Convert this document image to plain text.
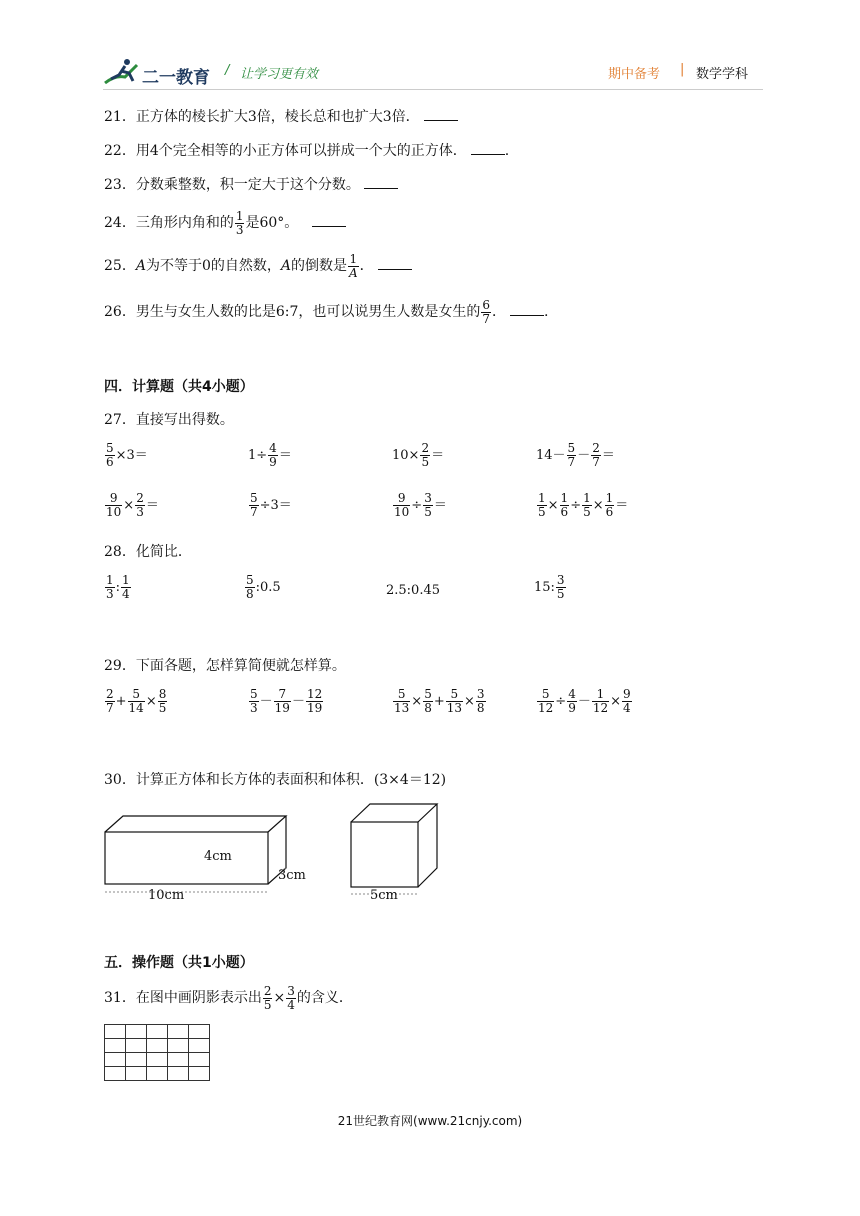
二一教育 / 让学习更有效	期中备考 | 数学学科
21．正方体的棱长扩大3倍，棱长总和也扩大3倍．
22．用4个完全相等的小正方体可以拼成一个大的正方体．	.
23．分数乘整数，积一定大于这个分数。
24．三角形内角和的 $\frac{1}{3}$ 是60°。
25．A为不等于0的自然数，A的倒数是 $\frac{1}{A}$ ．
26．男生与女生人数的比是6:7，也可以说男生人数是女生的 $\frac{6}{7}$ ．	.
四．计算题（共4小题）
27．直接写出得数。
$\frac{5}{6} \times 3=$	$1\div \frac{4}{9}$ ＝	$10\times \frac{2}{5}$ ＝	$14- \frac{5}{7} - \frac{2}{7}$ ＝
$\frac{9}{10} \times \frac{2}{3}$ ＝	$\frac{5}{7} \div 3=$	$\frac{9}{10} \div \frac{3}{5}$ ＝	$\frac{1}{5} \times \frac{1}{6} \div \frac{1}{5} \times \frac{1}{6}$ ＝
28．化简比．
$\frac{1}{3}$ : $\frac{1}{4}$	$\frac{5}{8}$ :0.5	2.5:0.45	15: $\frac{3}{5}$
29．下面各题，怎样算简便就怎样算。
$\frac{2}{7} + \frac{5}{14} \times \frac{8}{5}$	$\frac{5}{3} - \frac{7}{19} - \frac{12}{19}$	$\frac{5}{13} \times \frac{5}{8} + \frac{5}{13} \times \frac{3}{8}$	$\frac{5}{12} \div \frac{4}{9} - \frac{1}{12} \times \frac{9}{4}$
30．计算正方体和长方体的表面积和体积．(3×4＝12)
4cm
3cm
10cm	5cm
五．操作题（共1小题）
31．在图中画阴影表示出 $\frac{2}{5} \times \frac{3}{4}$ 的含义．

21世纪教育网(www.21cnjy.com)
